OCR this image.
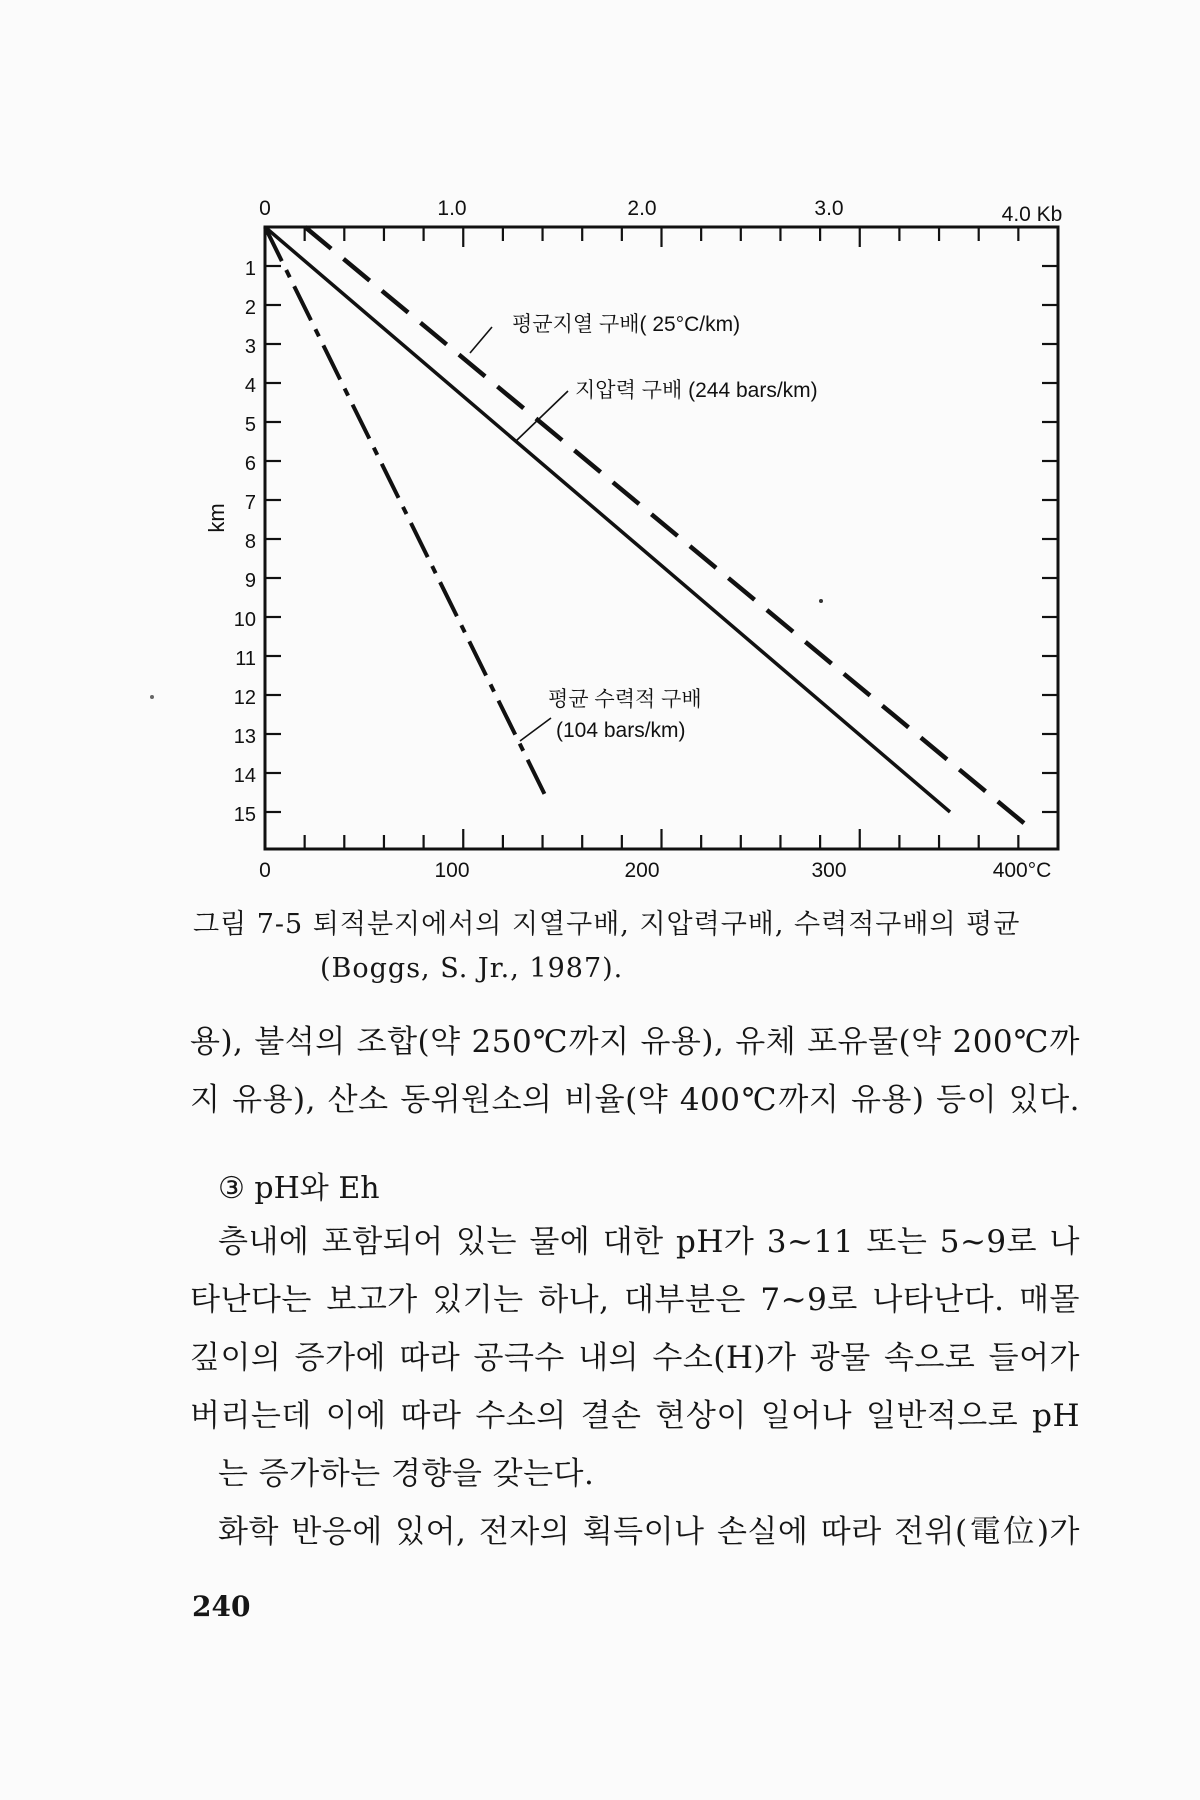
0	1.0	2.0	3.0	4.0 Kb
0	100	200	300	400°C
km
1
2
3
4
5
6
7
8
9
10
11
12
13
14
15
평균지열 구배( 25°C/km)
지압력 구배 (244 bars/km)
평균 수력적 구배
(104 bars/km)
그림 7-5 퇴적분지에서의 지열구배, 지압력구배, 수력적구배의 평균
(Boggs, S. Jr., 1987).

용), 불석의 조합(약 250℃까지 유용), 유체 포유물(약 200℃까지 유용), 산소 동위원소의 비율(약 400℃까지 유용) 등이 있다.

③ pH와 Eh
층내에 포함되어 있는 물에 대한 pH가 3~11 또는 5~9로 나타난다는 보고가 있기는 하나, 대부분은 7~9로 나타난다. 매몰 깊이의 증가에 따라 공극수 내의 수소(H)가 광물 속으로 들어가 버리는데 이에 따라 수소의 결손 현상이 일어나 일반적으로 pH

는 증가하는 경향을 갖는다.

화학 반응에 있어, 전자의 획득이나 손실에 따라 전위(電位)가

240
